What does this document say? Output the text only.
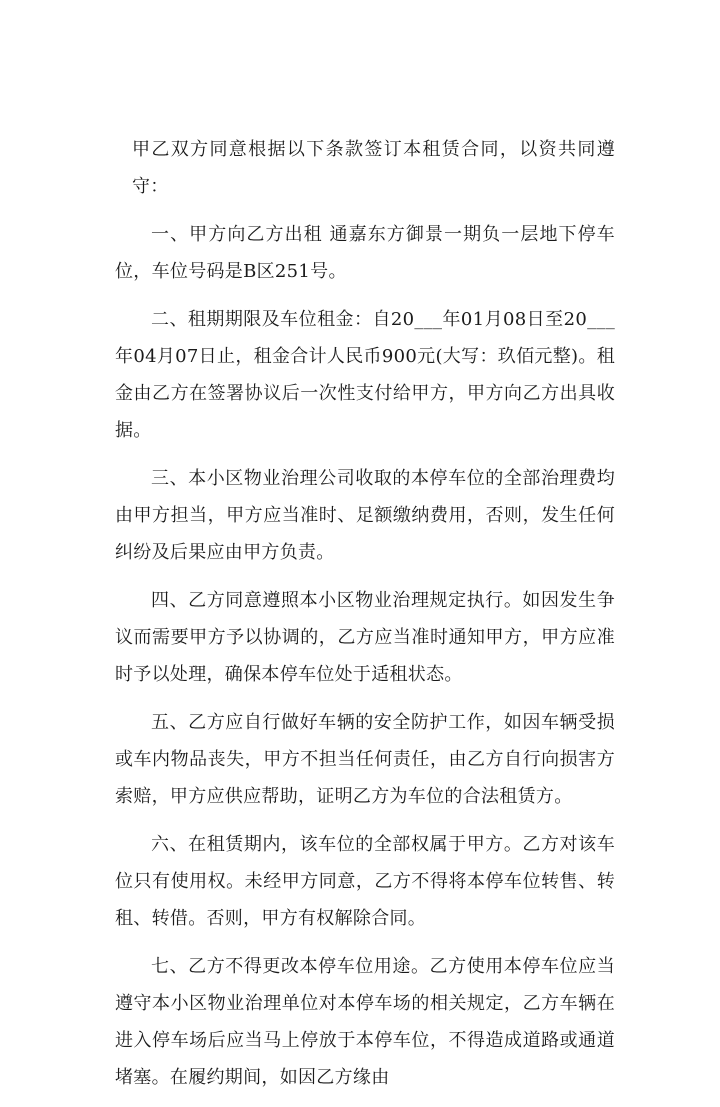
甲乙双方同意根据以下条款签订本租赁合同，以资共同遵守：

一、甲方向乙方出租 通嘉东方御景一期负一层地下停车位，车位号码是B区251号。

二、租期期限及车位租金：自20___年01月08日至20___年04月07日止，租金合计人民币900元(大写：玖佰元整)。租金由乙方在签署协议后一次性支付给甲方，甲方向乙方出具收据。

三、本小区物业治理公司收取的本停车位的全部治理费均由甲方担当，甲方应当准时、足额缴纳费用，否则，发生任何纠纷及后果应由甲方负责。

四、乙方同意遵照本小区物业治理规定执行。如因发生争议而需要甲方予以协调的，乙方应当准时通知甲方，甲方应准时予以处理，确保本停车位处于适租状态。

五、乙方应自行做好车辆的安全防护工作，如因车辆受损或车内物品丧失，甲方不担当任何责任，由乙方自行向损害方索赔，甲方应供应帮助，证明乙方为车位的合法租赁方。

六、在租赁期内，该车位的全部权属于甲方。乙方对该车位只有使用权。未经甲方同意，乙方不得将本停车位转售、转租、转借。否则，甲方有权解除合同。

七、乙方不得更改本停车位用途。乙方使用本停车位应当遵守本小区物业治理单位对本停车场的相关规定，乙方车辆在进入停车场后应当马上停放于本停车位，不得造成道路或通道堵塞。在履约期间，如因乙方缘由
